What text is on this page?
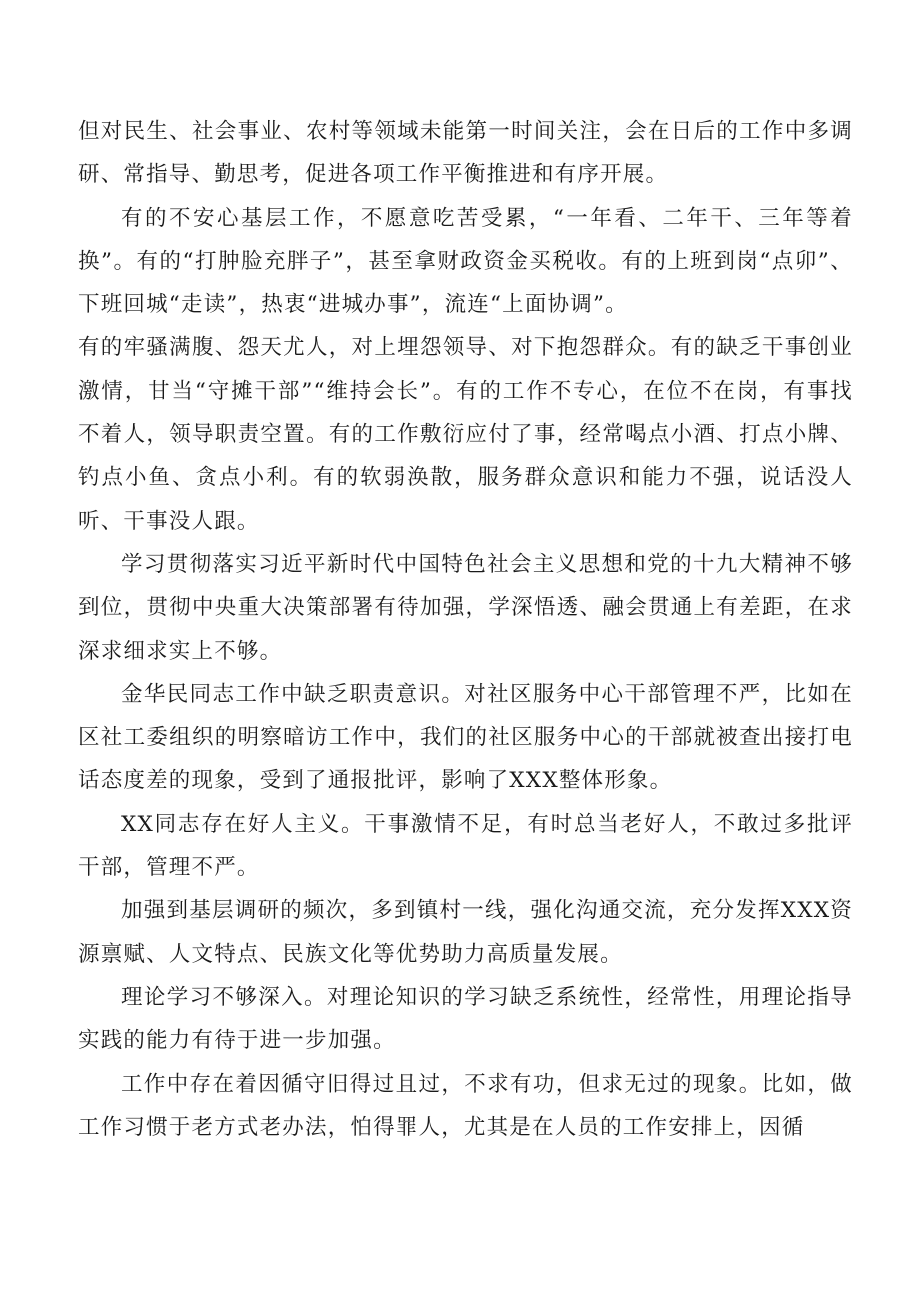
但对民生、社会事业、农村等领域未能第一时间关注，会在日后的工作中多调研、常指导、勤思考，促进各项工作平衡推进和有序开展。

有的不安心基层工作，不愿意吃苦受累，“一年看、二年干、三年等着换”。有的“打肿脸充胖子”，甚至拿财政资金买税收。有的上班到岗“点卯”、下班回城“走读”，热衷“进城办事”，流连“上面协调”。

有的牢骚满腹、怨天尤人，对上埋怨领导、对下抱怨群众。有的缺乏干事创业激情，甘当“守摊干部”“维持会长”。有的工作不专心，在位不在岗，有事找不着人，领导职责空置。有的工作敷衍应付了事，经常喝点小酒、打点小牌、钓点小鱼、贪点小利。有的软弱涣散，服务群众意识和能力不强，说话没人听、干事没人跟。

学习贯彻落实习近平新时代中国特色社会主义思想和党的十九大精神不够到位，贯彻中央重大决策部署有待加强，学深悟透、融会贯通上有差距，在求深求细求实上不够。

金华民同志工作中缺乏职责意识。对社区服务中心干部管理不严，比如在区社工委组织的明察暗访工作中，我们的社区服务中心的干部就被查出接打电话态度差的现象，受到了通报批评，影响了XXX整体形象。

XX同志存在好人主义。干事激情不足，有时总当老好人，不敢过多批评干部，管理不严。

加强到基层调研的频次，多到镇村一线，强化沟通交流，充分发挥XXX资源禀赋、人文特点、民族文化等优势助力高质量发展。

理论学习不够深入。对理论知识的学习缺乏系统性，经常性，用理论指导实践的能力有待于进一步加强。

工作中存在着因循守旧得过且过，不求有功，但求无过的现象。比如，做工作习惯于老方式老办法，怕得罪人，尤其是在人员的工作安排上，因循
